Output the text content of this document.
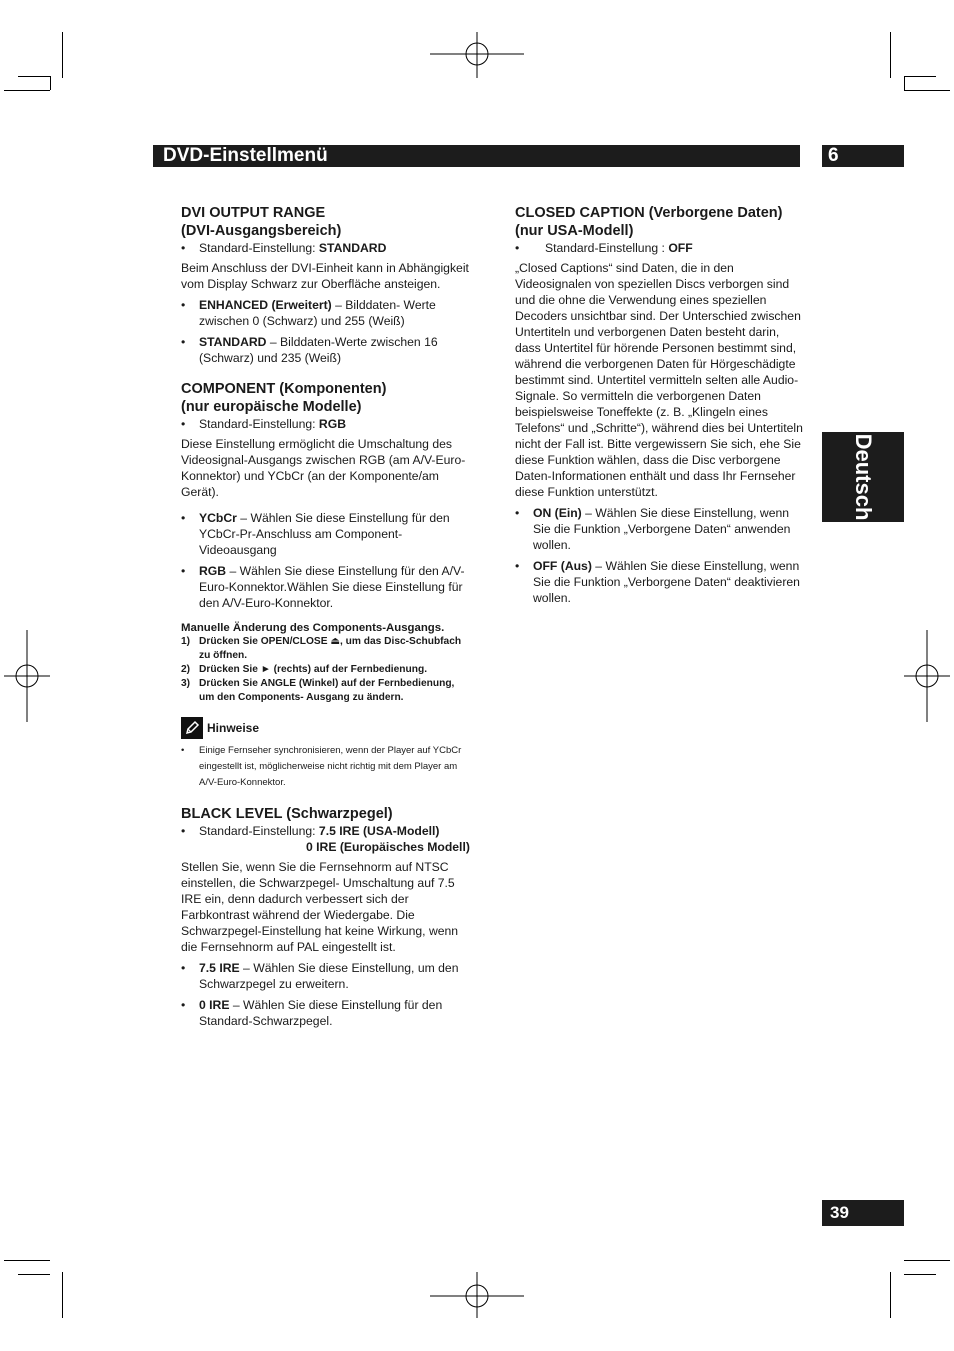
DVD-Einstellmenü	6
Deutsch
39
DVI OUTPUT RANGE
(DVI-Ausgangsbereich)

• Standard-Einstellung: STANDARD

Beim Anschluss der DVI-Einheit kann in Abhängigkeit vom Display Schwarz zur Oberfläche ansteigen.

• ENHANCED (Erweitert) – Bilddaten- Werte zwischen 0 (Schwarz) und 255 (Weiß)
• STANDARD – Bilddaten-Werte zwischen 16 (Schwarz) und 235 (Weiß)
COMPONENT (Komponenten)
(nur europäische Modelle)

• Standard-Einstellung: RGB

Diese Einstellung ermöglicht die Umschaltung des Videosignal-Ausgangs zwischen RGB (am A/V-Euro-Konnektor) und YCbCr (an der Komponente/am Gerät).

• YCbCr – Wählen Sie diese Einstellung für den YCbCr-Pr-Anschluss am Component-Videoausgang
• RGB – Wählen Sie diese Einstellung für den A/V-Euro-Konnektor.Wählen Sie diese Einstellung für den A/V-Euro-Konnektor.

Manuelle Änderung des Components-Ausgangs.

1) Drücken Sie OPEN/CLOSE ⏏, um das Disc-Schubfach zu öffnen.
2) Drücken Sie ► (rechts) auf der Fernbedienung.
3) Drücken Sie ANGLE (Winkel) auf der Fernbedienung, um den Components- Ausgang zu ändern.
Hinweise

• Einige Fernseher synchronisieren, wenn der Player auf YCbCr eingestellt ist, möglicherweise nicht richtig mit dem Player am A/V-Euro-Konnektor.

BLACK LEVEL (Schwarzpegel)

• Standard-Einstellung: 7.5 IRE (USA-Modell)

0 IRE (Europäisches Modell)

Stellen Sie, wenn Sie die Fernsehnorm auf NTSC einstellen, die Schwarzpegel- Umschaltung auf 7.5 IRE ein, denn dadurch verbessert sich der Farbkontrast während der Wiedergabe. Die Schwarzpegel-Einstellung hat keine Wirkung, wenn die Fernsehnorm auf PAL eingestellt ist.

• 7.5 IRE – Wählen Sie diese Einstellung, um den Schwarzpegel zu erweitern.
• 0 IRE – Wählen Sie diese Einstellung für den Standard-Schwarzpegel.
CLOSED CAPTION (Verborgene Daten)
(nur USA-Modell)

• Standard-Einstellung : OFF

„Closed Captions“ sind Daten, die in den Videosignalen von speziellen Discs verborgen sind und die ohne die Verwendung eines speziellen Decoders unsichtbar sind. Der Unterschied zwischen Untertiteln und verborgenen Daten besteht darin, dass Untertitel für hörende Personen bestimmt sind, während die verborgenen Daten für Hörgeschädigte bestimmt sind. Untertitel vermitteln selten alle Audio- Signale. So vermitteln die verborgenen Daten beispielsweise Toneffekte (z. B. „Klingeln eines Telefons“ und „Schritte“), während dies bei Untertiteln nicht der Fall ist. Bitte vergewissern Sie sich, ehe Sie diese Funktion wählen, dass die Disc verborgene Daten-Informationen enthält und dass Ihr Fernseher diese Funktion unterstützt.

• ON (Ein) – Wählen Sie diese Einstellung, wenn Sie die Funktion „Verborgene Daten“ anwenden wollen.
• OFF (Aus) – Wählen Sie diese Einstellung, wenn Sie die Funktion „Verborgene Daten“ deaktivieren wollen.
